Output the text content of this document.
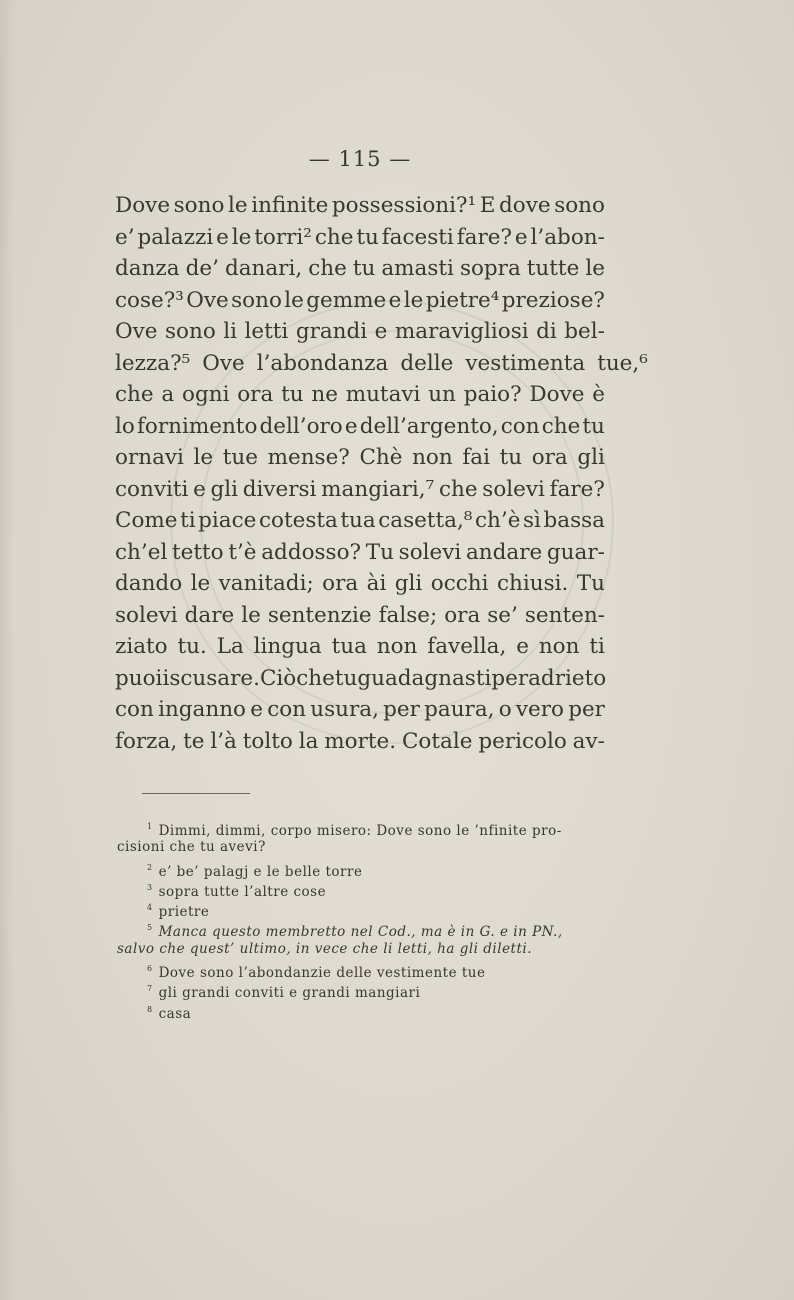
— 115 —
Dove sono le infinite possessioni?¹ E dove sono
e’ palazzi e le torri² che tu facesti fare? e l’abon-
danza de’ danari, che tu amasti sopra tutte le
cose?³ Ove sono le gemme e le pietre⁴ preziose?
Ove sono li letti grandi e maravigliosi di bel-
lezza?⁵ Ove l’abondanza delle vestimenta tue,⁶
che a ogni ora tu ne mutavi un paio? Dove è
lo fornimento dell’oro e dell’argento, con che tu
ornavi le tue mense? Chè non fai tu ora gli
conviti e gli diversi mangiari,⁷ che solevi fare?
Come ti piace cotesta tua casetta,⁸ ch’è sì bassa
ch’el tetto t’è addosso? Tu solevi andare guar-
dando le vanitadi; ora ài gli occhi chiusi. Tu
solevi dare le sentenzie false; ora se’ senten-
ziato tu. La lingua tua non favella, e non ti
puoi iscusare. Ciò che tu guadagnasti per adrieto
con inganno e con usura, per paura, o vero per
forza, te l’à tolto la morte. Cotale pericolo av-
$^1$ Dimmi, dimmi, corpo misero: Dove sono le ’nfinite pro-
cisioni che tu avevi?
$^2$ e’ be’ palagj e le belle torre
$^3$ sopra tutte l’altre cose
$^4$ prietre
$^5$ Manca questo membretto nel Cod., ma è in G. e in PN.,
salvo che quest’ ultimo, in vece che li letti, ha gli diletti.
$^6$ Dove sono l’abondanzie delle vestimente tue
$^7$ gli grandi conviti e grandi mangiari
$^8$ casa
